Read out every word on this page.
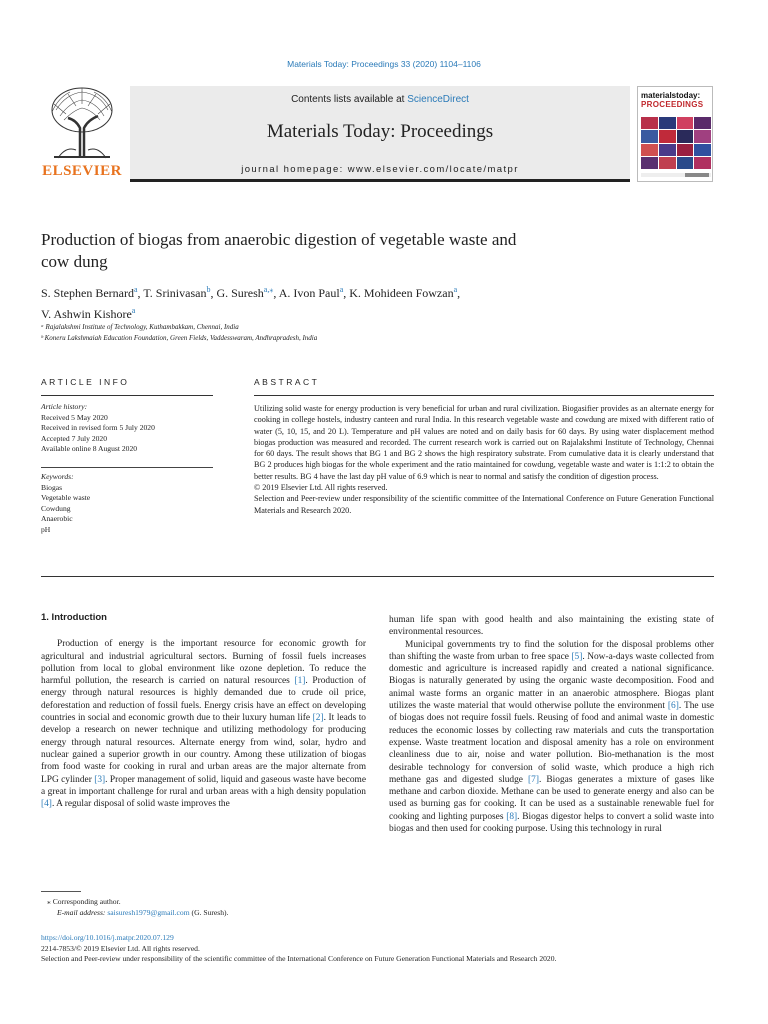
Materials Today: Proceedings 33 (2020) 1104–1106
ELSEVIER
Contents lists available at ScienceDirect
Materials Today: Proceedings
journal homepage: www.elsevier.com/locate/matpr
materialstoday:
PROCEEDINGS
Production of biogas from anaerobic digestion of vegetable waste and
cow dung
S. Stephen Bernard$^a$, T. Srinivasan$^b$, G. Suresh$^{a,⁎}$, A. Ivon Paul$^a$, K. Mohideen Fowzan$^a$,
V. Ashwin Kishore$^a$
ᵃ Rajalakshmi Institute of Technology, Kuthambakkam, Chennai, India
ᵇ Koneru Lakshmaiah Education Foundation, Green Fields, Vaddesswaram, Andhrapradesh, India
ARTICLE INFO	ABSTRACT
Article history:
Received 5 May 2020
Received in revised form 5 July 2020
Accepted 7 July 2020
Available online 8 August 2020
Keywords:
Biogas
Vegetable waste
Cowdung
Anaerobic
pH
Utilizing solid waste for energy production is very beneficial for urban and rural civilization. Biogasifier provides as an alternate energy for cooking in college hostels, industry canteen and rural India. In this research vegetable waste and cowdung are mixed with different ratio of water (5, 10, 15, and 20 L). Temperature and pH values are noted and on daily basis for 60 days. By using water displacement method biogas production was measured and recorded. The current research work is carried out on Rajalakshmi Institute of Technology, Chennai for 60 days. The result shows that BG 1 and BG 2 shows the high respiratory substrate. From cumulative data it is clearly understand that BG 2 produces high biogas for the whole experiment and the ratio maintained for cowdung, vegetable waste and water is 1:1:2 to obtain the better results. BG 4 have the last day pH value of 6.9 which is near to normal and satisfy the condition of digestion process.
© 2019 Elsevier Ltd. All rights reserved.
Selection and Peer-review under responsibility of the scientific committee of the International Conference on Future Generation Functional Materials and Research 2020.
1. Introduction

Production of energy is the important resource for economic growth for agricultural and industrial agricultural sectors. Burning of fossil fuels increases pollution from local to global environment like ozone depletion. To reduce the harmful pollution, the research is carried on natural resources [1]. Production of energy through natural resources is highly demanded due to crude oil price, deforestation and reduction of fossil fuels. Energy crisis have an effect on developing countries in social and economic growth due to their luxury human life [2]. It leads to develop a research on newer technique and utilizing methodology for producing energy through natural resources. Alternate energy from wind, solar, hydro and nuclear gained a superior growth in our country. Among these utilization of biogas from food waste for cooking in rural and urban areas are the major alternate from LPG cylinder [3]. Proper management of solid, liquid and gaseous waste have become a great in important challenge for rural and urban areas with a high density population [4]. A regular disposal of solid waste improves the

human life span with good health and also maintaining the existing state of environmental resources.

Municipal governments try to find the solution for the disposal problems other than shifting the waste from urban to free space [5]. Now-a-days waste collected from domestic and agriculture is increased rapidly and created a national significance. Biogas is naturally generated by using the organic waste decomposition. Food and animal waste forms an organic matter in an anaerobic atmosphere. Biogas plant utilizes the waste material that would otherwise pollute the environment [6]. The use of biogas does not require fossil fuels. Reusing of food and animal waste in domestic reduces the economic losses by collecting raw materials and cuts the transportation expense. Waste treatment location and disposal amenity has a role on environment cleanliness due to air, noise and water pollution. Bio-methanation is the most desirable technology for conversion of solid waste, which produce a high rich methane gas and digested sludge [7]. Biogas generates a mixture of gases like methane and carbon dioxide. Methane can be used to generate energy and also can be used as burning gas for cooking. It can be used as a sustainable renewable fuel for cooking and lighting purposes [8]. Biogas digestor helps to convert a solid waste into biogas and then used for cooking purpose. Using this technology in rural

⁎ Corresponding author.
E-mail address: saisuresh1979@gmail.com (G. Suresh).
https://doi.org/10.1016/j.matpr.2020.07.129
2214-7853/© 2019 Elsevier Ltd. All rights reserved.
Selection and Peer-review under responsibility of the scientific committee of the International Conference on Future Generation Functional Materials and Research 2020.
